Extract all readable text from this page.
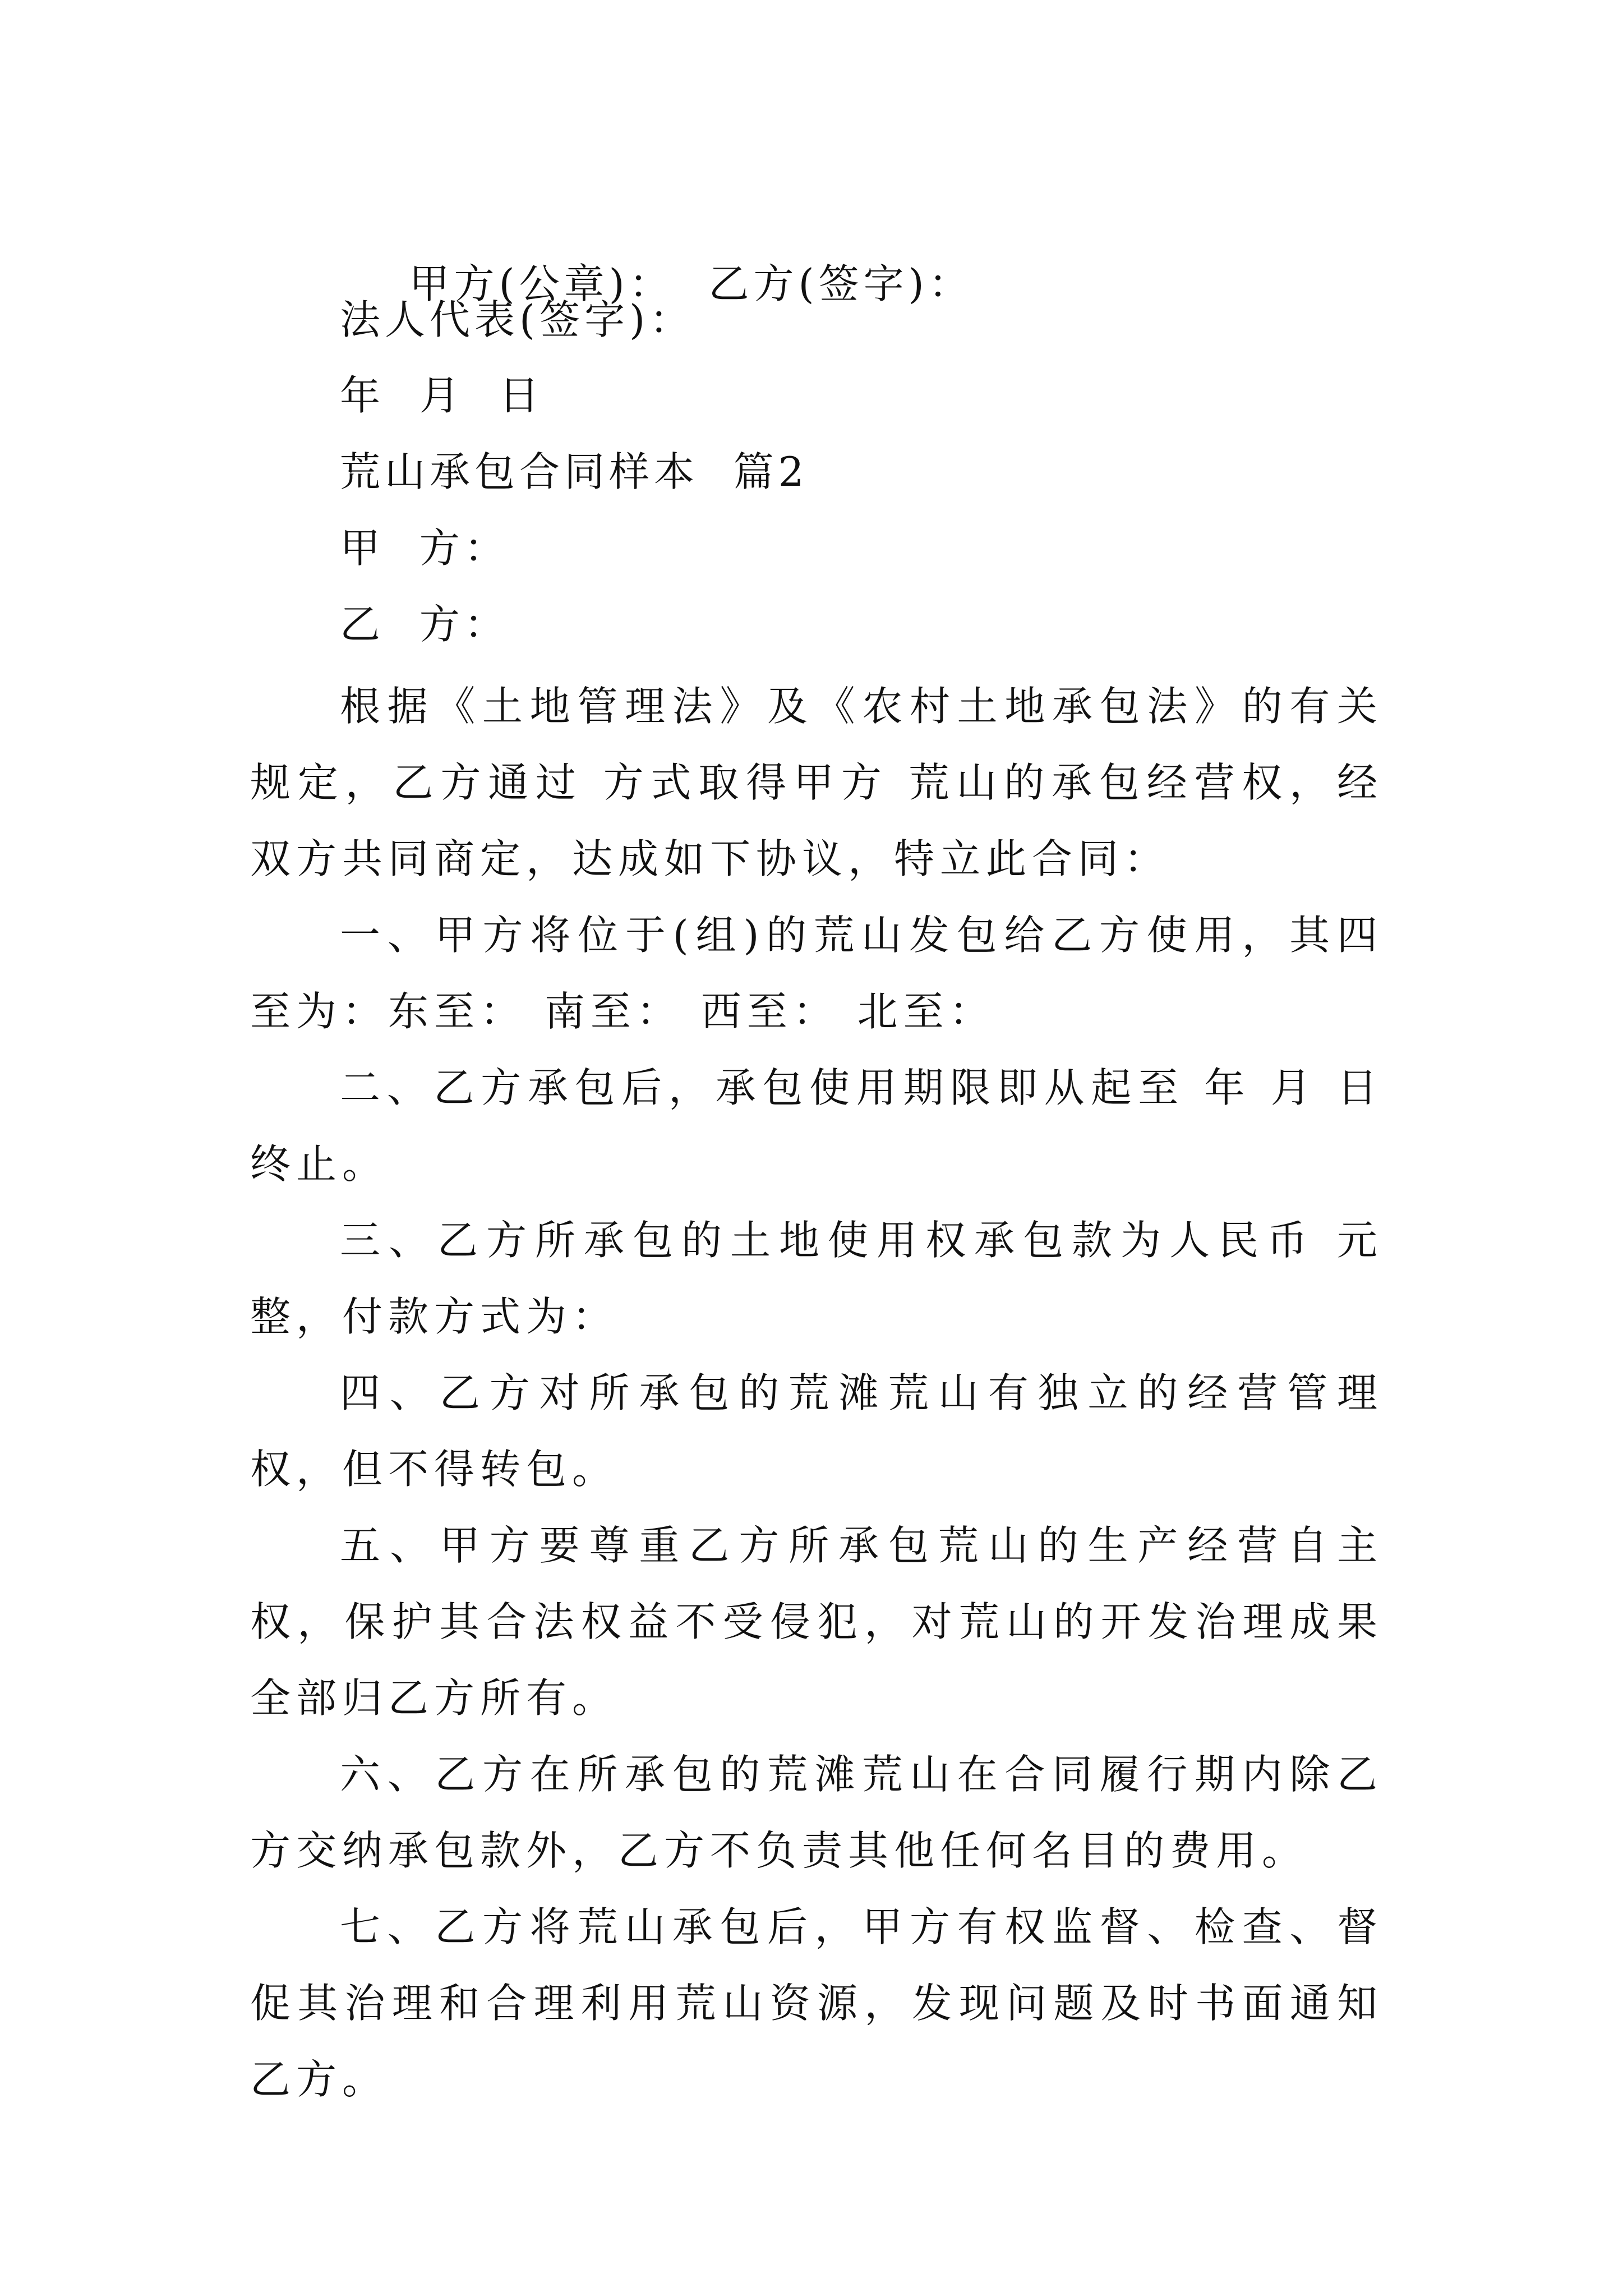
甲方(公章)： 乙方(签字)：

法人代表(签字)：
年  月  日
荒山承包合同样本  篇2
甲  方：
乙  方：

根据《土地管理法》及《农村土地承包法》的有关规定，乙方通过 方式取得甲方 荒山的承包经营权，经双方共同商定，达成如下协议，特立此合同：

一、甲方将位于(组)的荒山发包给乙方使用，其四至为：东至： 南至： 西至： 北至：

二、乙方承包后，承包使用期限即从起至 年 月 日终止。

三、乙方所承包的土地使用权承包款为人民币 元整，付款方式为：

四、乙方对所承包的荒滩荒山有独立的经营管理权，但不得转包。

五、甲方要尊重乙方所承包荒山的生产经营自主权，保护其合法权益不受侵犯，对荒山的开发治理成果全部归乙方所有。

六、乙方在所承包的荒滩荒山在合同履行期内除乙方交纳承包款外，乙方不负责其他任何名目的费用。

七、乙方将荒山承包后，甲方有权监督、检查、督促其治理和合理利用荒山资源，发现问题及时书面通知乙方。
